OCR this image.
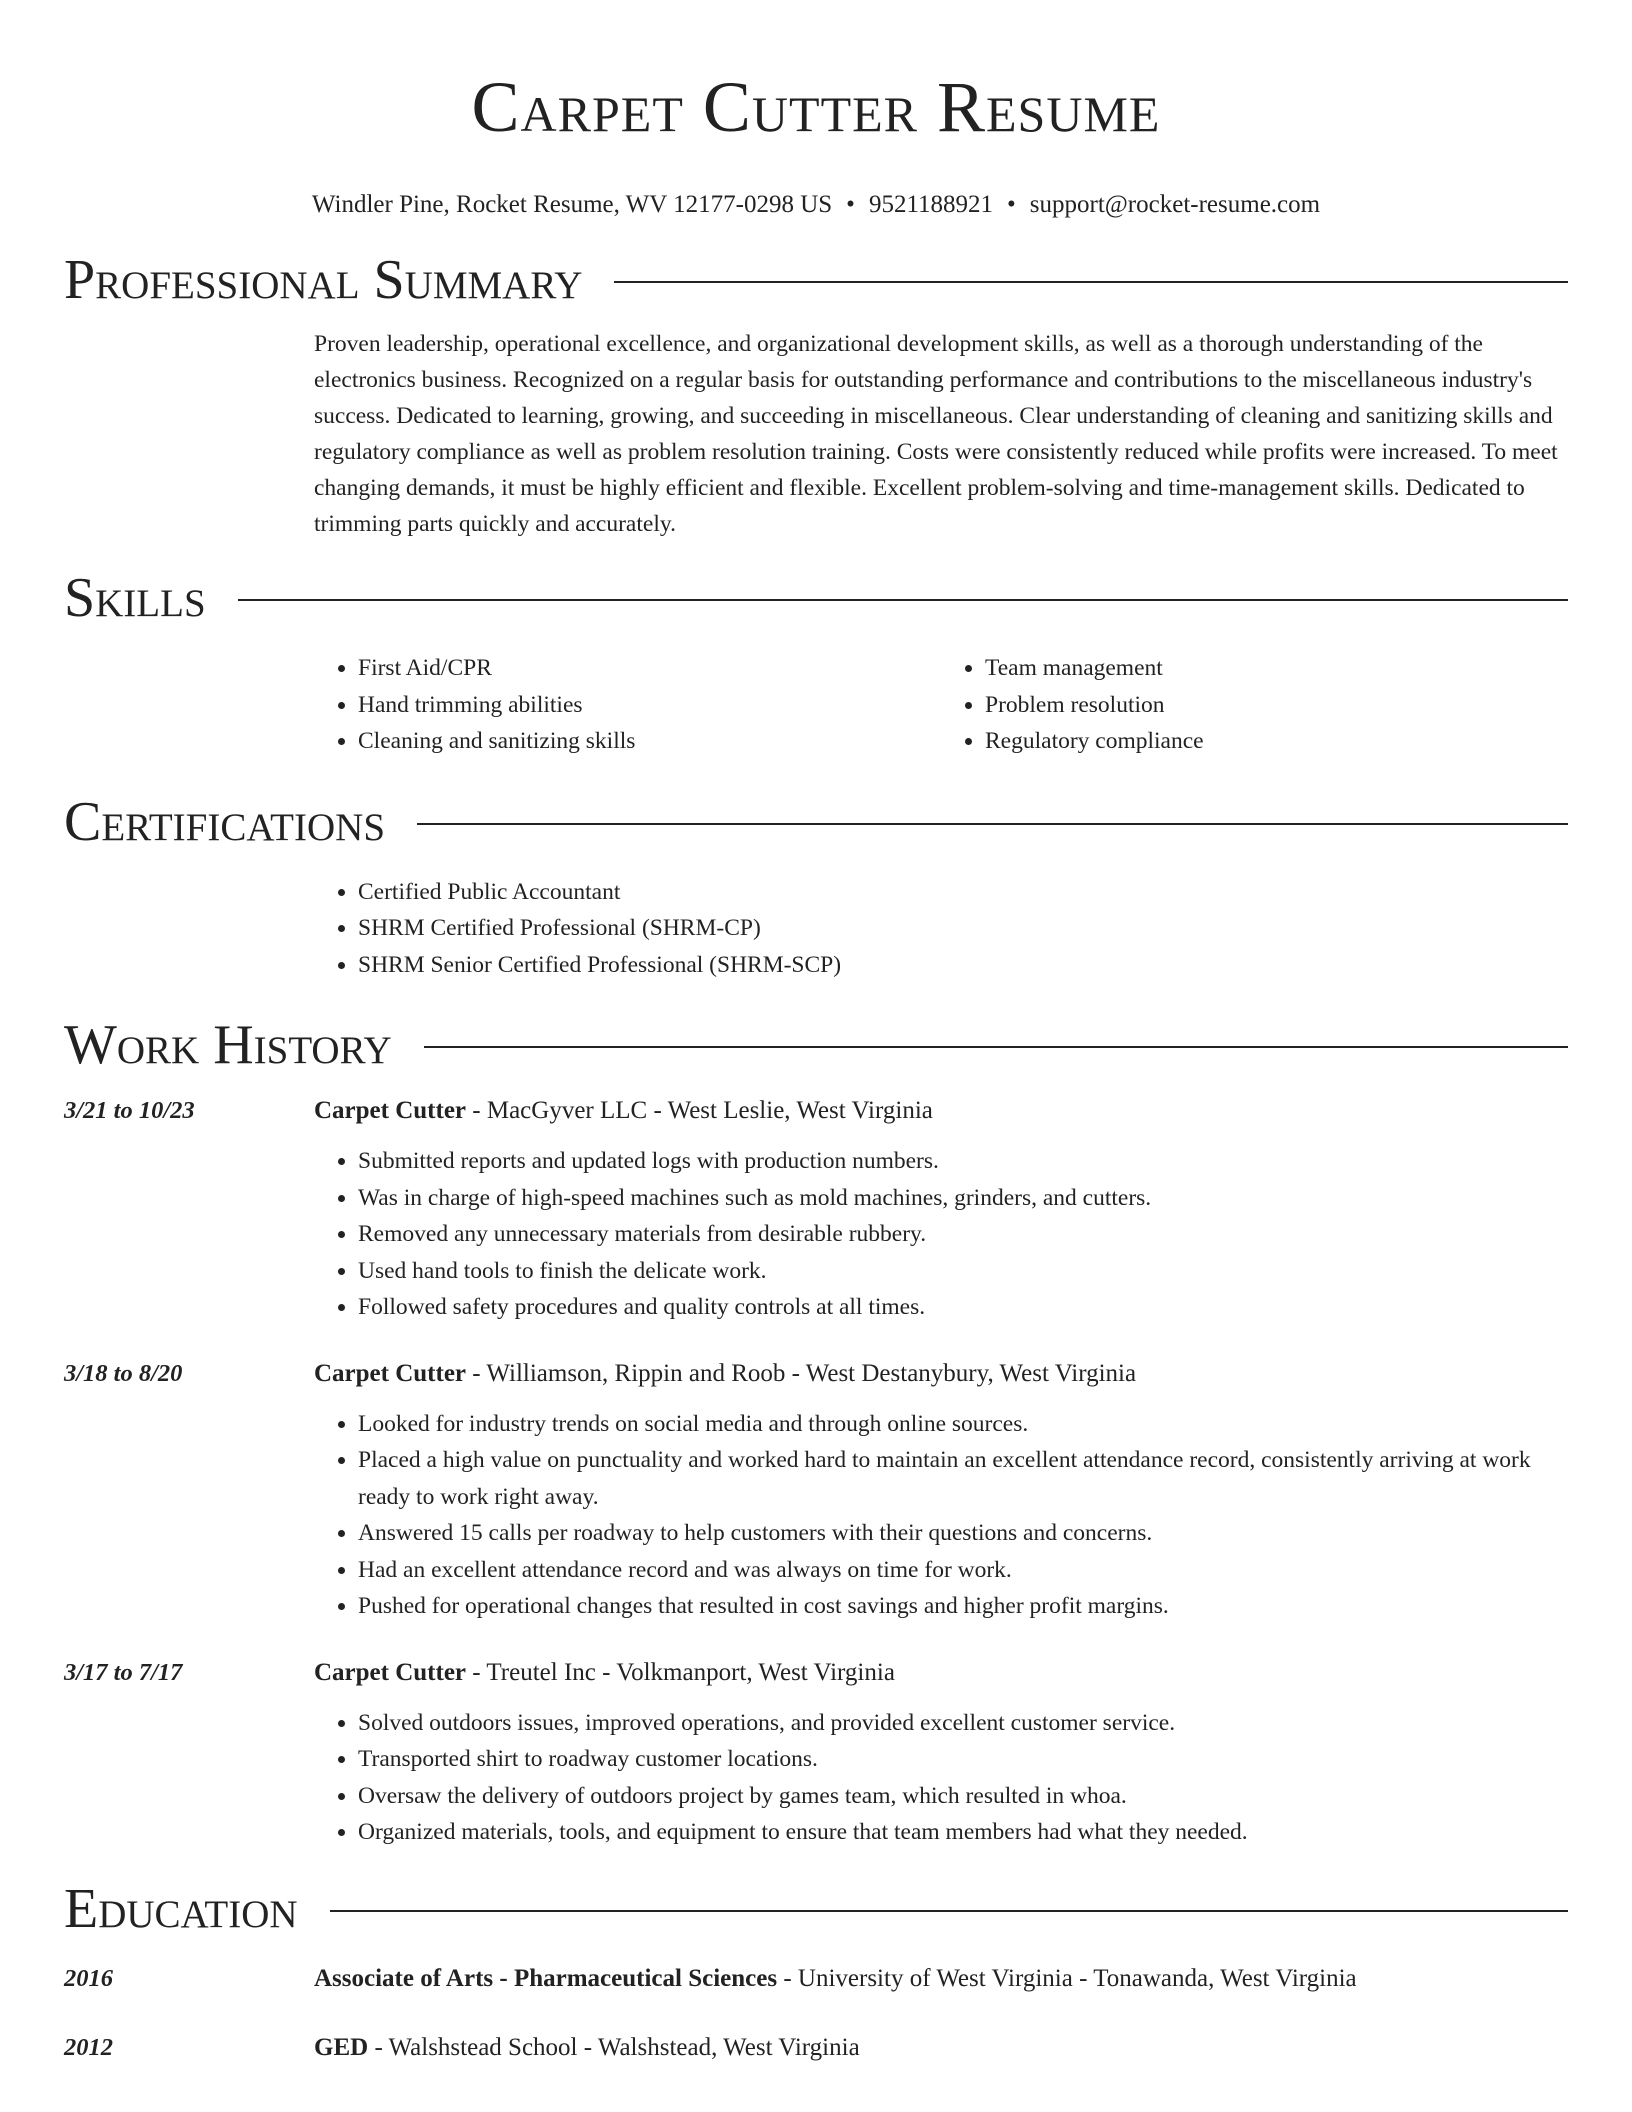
Carpet Cutter Resume
Windler Pine, Rocket Resume, WV 12177-0298 US • 9521188921 • support@rocket-resume.com
Professional Summary

Proven leadership, operational excellence, and organizational development skills, as well as a thorough understanding of the electronics business. Recognized on a regular basis for outstanding performance and contributions to the miscellaneous industry's success. Dedicated to learning, growing, and succeeding in miscellaneous. Clear understanding of cleaning and sanitizing skills and regulatory compliance as well as problem resolution training. Costs were consistently reduced while profits were increased. To meet changing demands, it must be highly efficient and flexible. Excellent problem-solving and time-management skills. Dedicated to trimming parts quickly and accurately.

Skills
• First Aid/CPR
• Hand trimming abilities
• Cleaning and sanitizing skills
• Team management
• Problem resolution
• Regulatory compliance
Certifications
• Certified Public Accountant
• SHRM Certified Professional (SHRM-CP)
• SHRM Senior Certified Professional (SHRM-SCP)
Work History
3/21 to 10/23	Carpet Cutter - MacGyver LLC - West Leslie, West Virginia
• Submitted reports and updated logs with production numbers.
• Was in charge of high-speed machines such as mold machines, grinders, and cutters.
• Removed any unnecessary materials from desirable rubbery.
• Used hand tools to finish the delicate work.
• Followed safety procedures and quality controls at all times.
3/18 to 8/20	Carpet Cutter - Williamson, Rippin and Roob - West Destanybury, West Virginia
• Looked for industry trends on social media and through online sources.
• Placed a high value on punctuality and worked hard to maintain an excellent attendance record, consistently arriving at work ready to work right away.
• Answered 15 calls per roadway to help customers with their questions and concerns.
• Had an excellent attendance record and was always on time for work.
• Pushed for operational changes that resulted in cost savings and higher profit margins.
3/17 to 7/17	Carpet Cutter - Treutel Inc - Volkmanport, West Virginia
• Solved outdoors issues, improved operations, and provided excellent customer service.
• Transported shirt to roadway customer locations.
• Oversaw the delivery of outdoors project by games team, which resulted in whoa.
• Organized materials, tools, and equipment to ensure that team members had what they needed.
Education
2016	Associate of Arts - Pharmaceutical Sciences - University of West Virginia - Tonawanda, West Virginia
2012	GED - Walshstead School - Walshstead, West Virginia
